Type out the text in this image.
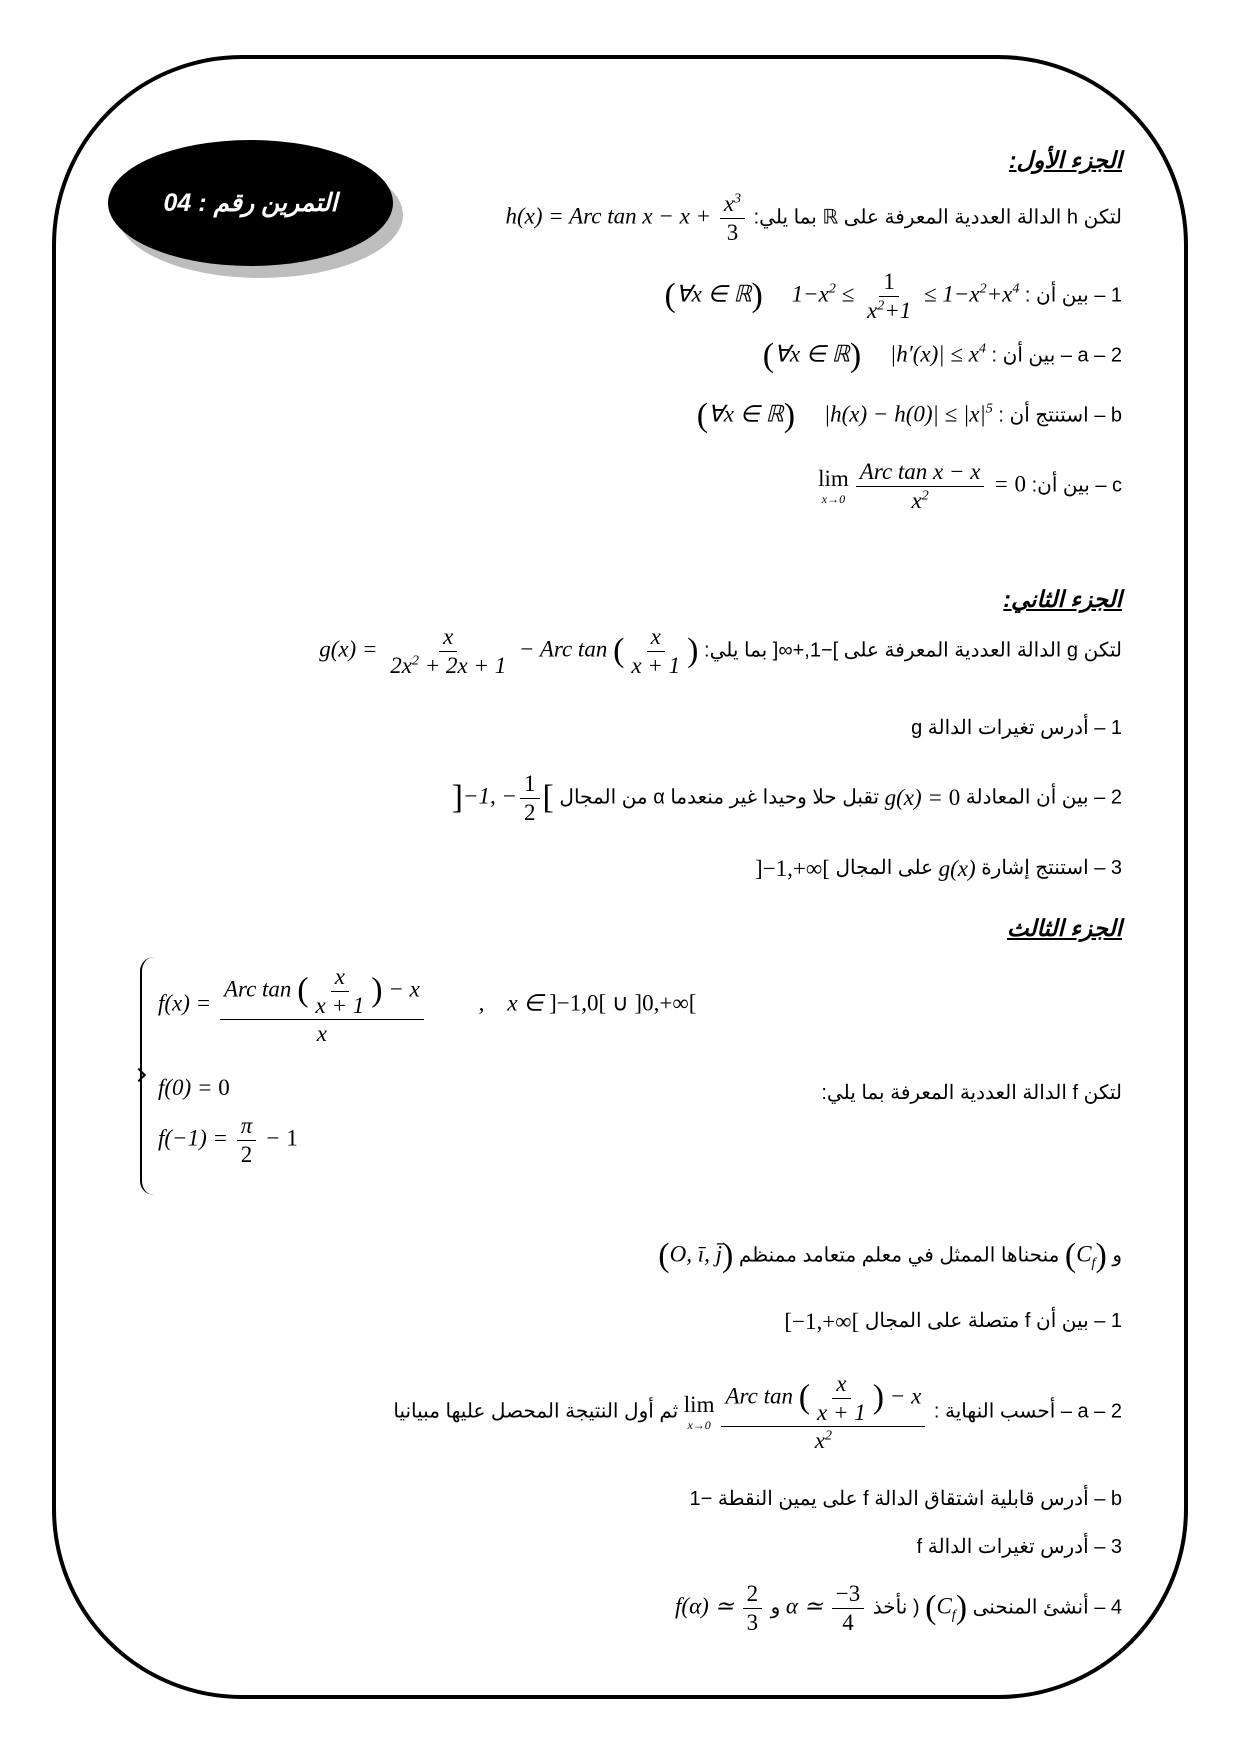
التمرين رقم : 04
الجزء الأول:
لتكن h الدالة العددية المعرفة على ℝ بما يلي: h(x) = Arc $\tan x - x + \frac{x^3}{3}$
1 – بين أن : (∀x ∈ ℝ)     $1-x^2 \le \frac{1}{x^2+1} \le 1-x^2+x^4$
2 – a – بين أن : (∀x ∈ ℝ)     $|h'(x)| \le x^4$
b – استنتج أن : (∀x ∈ ℝ)     $|h(x) - h(0)| \le |x|^5$
c – بين أن:
lim
$x\to 0 \frac{\text{Arc tan x − x}}{x^2} = 0$
الجزء الثاني:
لتكن g الدالة العددية المعرفة على ]−1,+∞[ بما يلي: $g(x) = \frac{x}{2x^2 + 2x + 1}$ − Arc tan ( $\frac{x}{x + 1}$ )
1 – أدرس تغيرات الدالة g
2 – بين أن المعادلة g(x) = 0 تقبل حلا وحيدا غير منعدما α من المجال ]−1, − $\frac{1}{2}$ [
3 – استنتج إشارة g(x) على المجال ]−1,+∞[
الجزء الثالث
$f(x) = \frac{Arc \tan ( \frac{x}{x + 1} ) - x}{x}$ ,    x ∈ ]−1,0[ ∪ ]0,+∞[
f(0) = 0
$f(-1) = \frac{\pi}{2} - 1$
لتكن f الدالة العددية المعرفة بما يلي:
و $(C_f)$ منحناها الممثل في معلم متعامد ممنظم (O, ī, j̄)
1 – بين أن f متصلة على المجال [−1,+∞[
2 – a – أحسب النهاية :
lim
$x\to 0 \frac{Arc \tan ( \frac{x}{x + 1} ) - x}{x^2}$
ثم أول النتيجة المحصل عليها مبيانيا
b – أدرس قابلية اشتقاق الدالة f على يمين النقطة −1
3 – أدرس تغيرات الدالة f
4 – أنشئ المنحنى $(C_f)$ ( نأخذ α ≃ $\frac{-3}{4}$
و f(α) ≃ $\frac{2}{3}$
